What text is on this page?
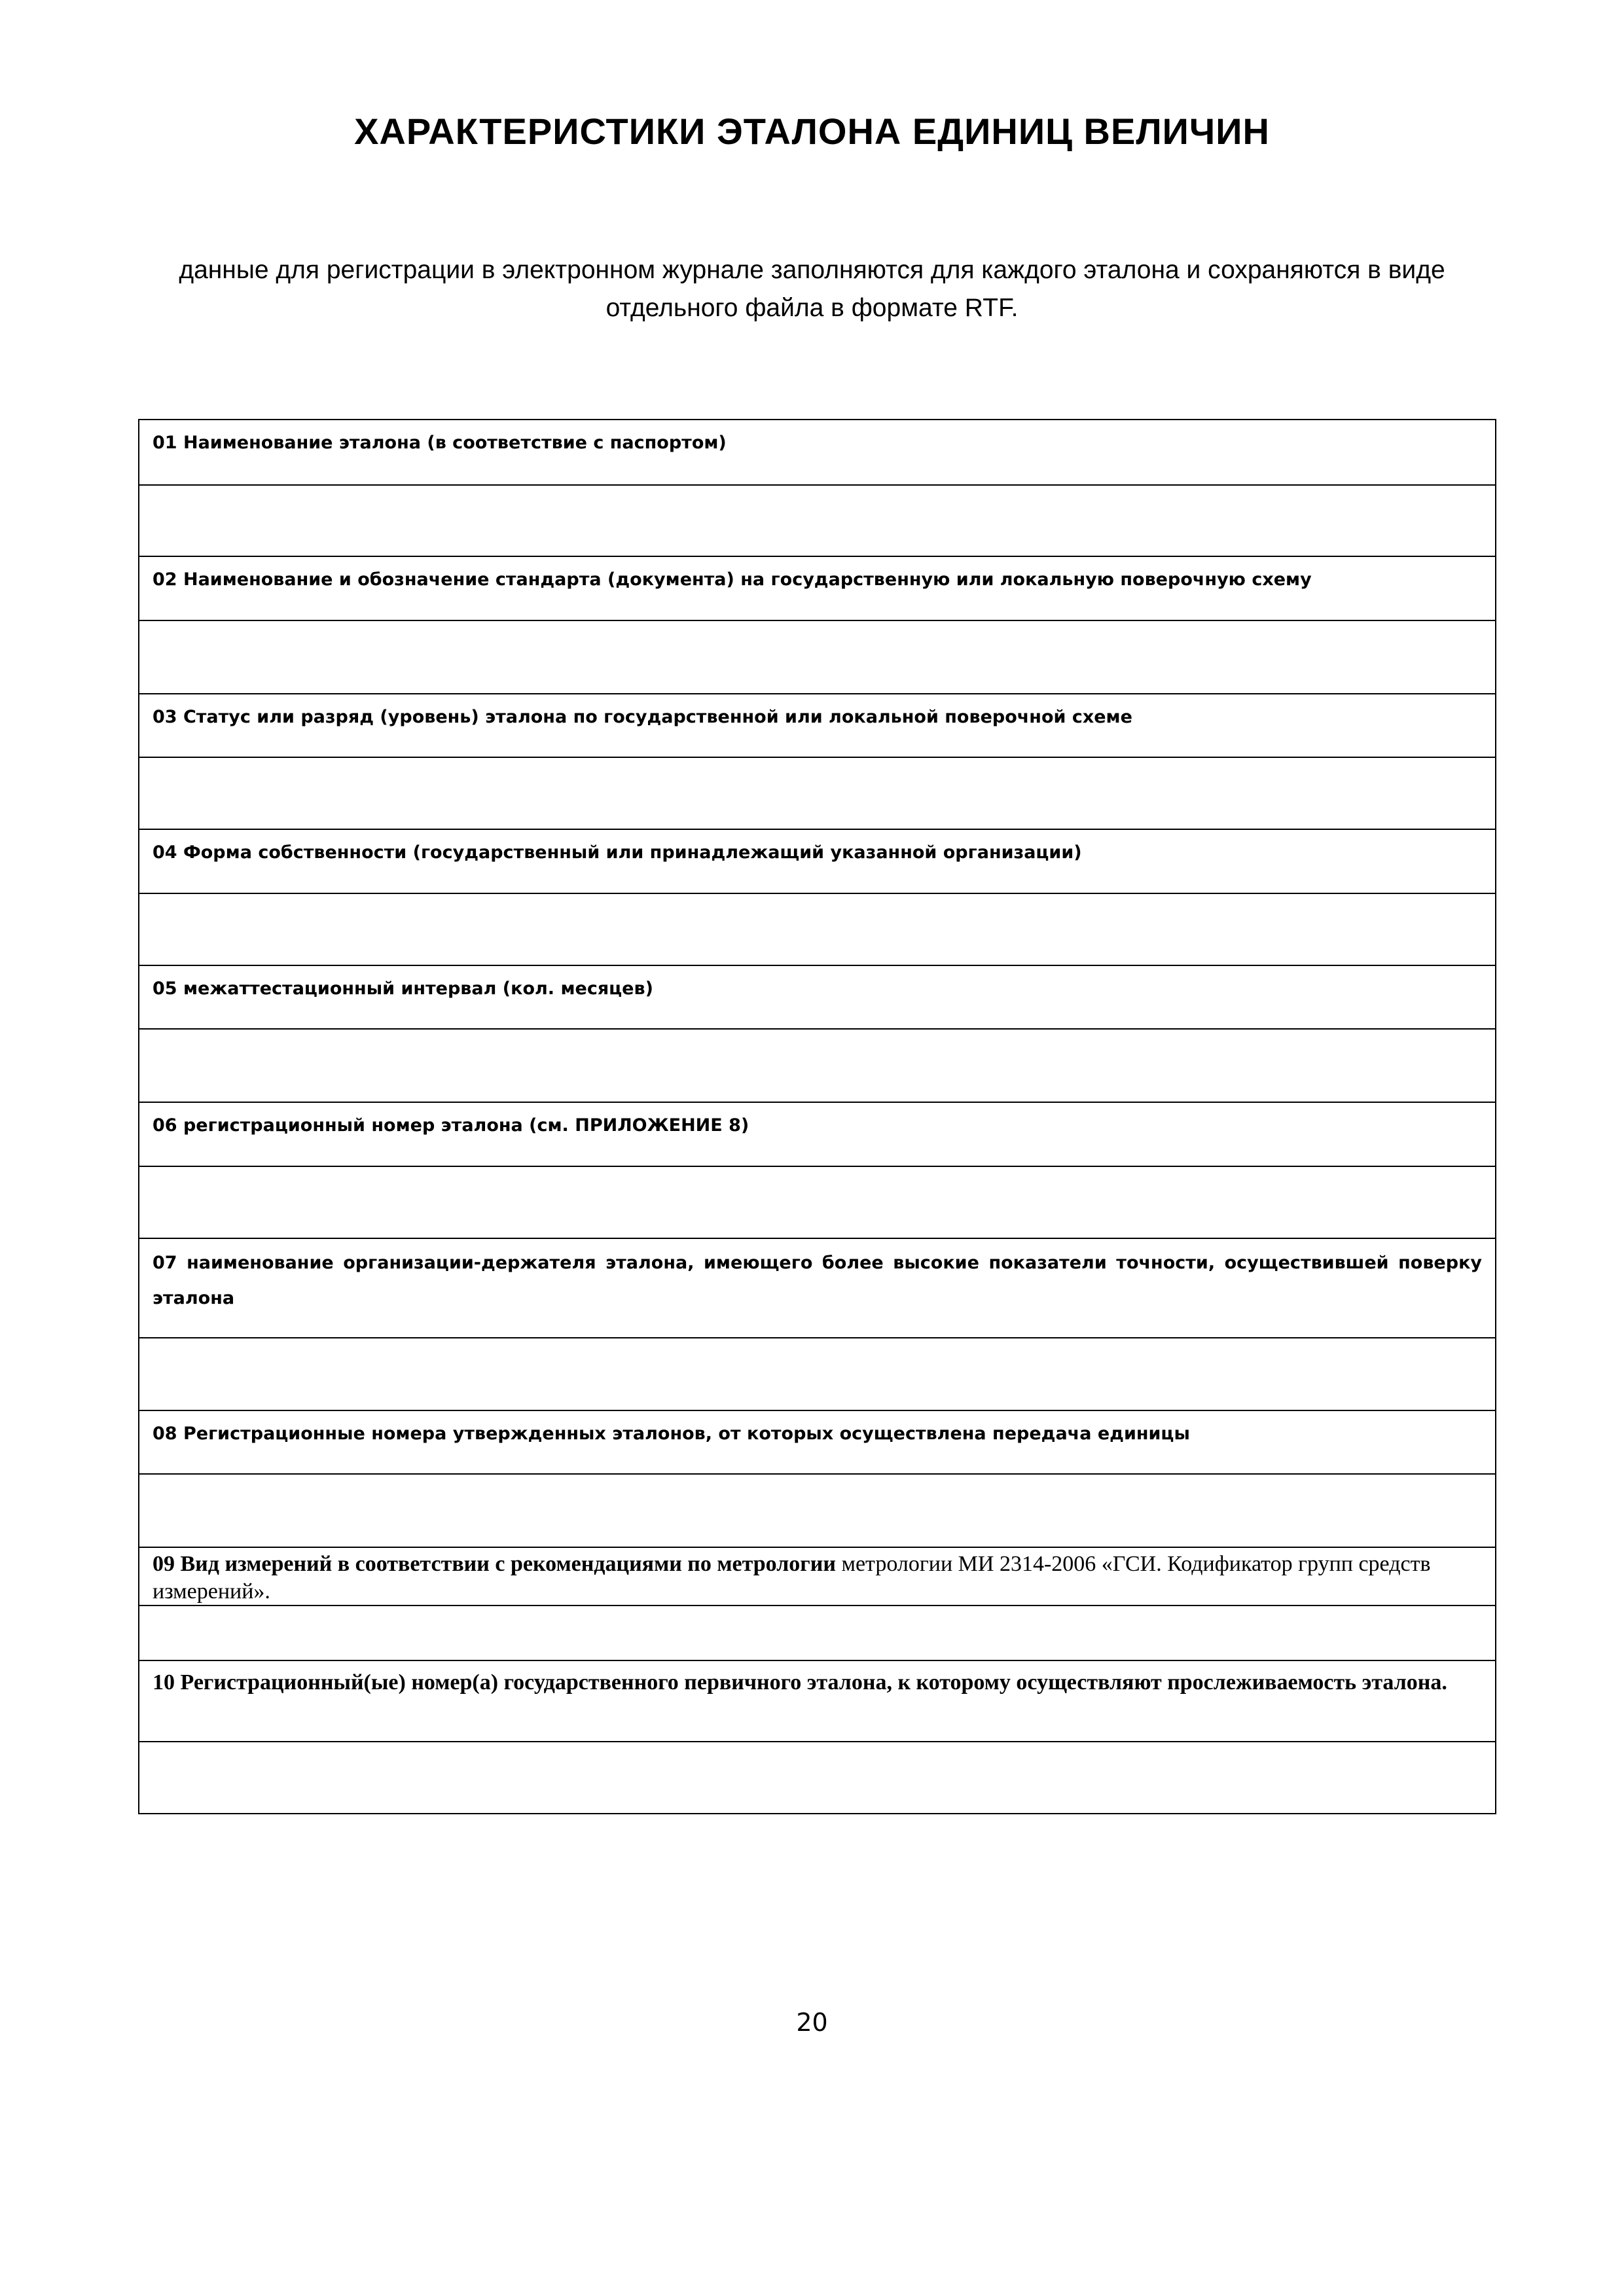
ХАРАКТЕРИСТИКИ ЭТАЛОНА ЕДИНИЦ ВЕЛИЧИН
данные для регистрации в электронном журнале заполняются для каждого эталона и сохраняются в виде отдельного файла в формате RTF.
01 Наименование эталона (в соответствие с паспортом)
02 Наименование и обозначение стандарта (документа) на государственную или локальную поверочную схему
03 Статус или разряд (уровень) эталона по государственной или локальной поверочной схеме
04 Форма собственности (государственный или принадлежащий указанной организации)
05 межаттестационный интервал (кол. месяцев)
06 регистрационный номер эталона (см. ПРИЛОЖЕНИЕ 8)
07 наименование организации-держателя эталона, имеющего более высокие показатели точности, осуществившей поверку эталона
08 Регистрационные номера утвержденных эталонов, от которых осуществлена передача единицы
09 Вид измерений в соответствии с рекомендациями по метрологии метрологии МИ 2314-2006 «ГСИ. Кодификатор групп средств измерений».
10 Регистрационный(ые) номер(а) государственного первичного эталона, к которому осуществляют прослеживаемость эталона.
20
